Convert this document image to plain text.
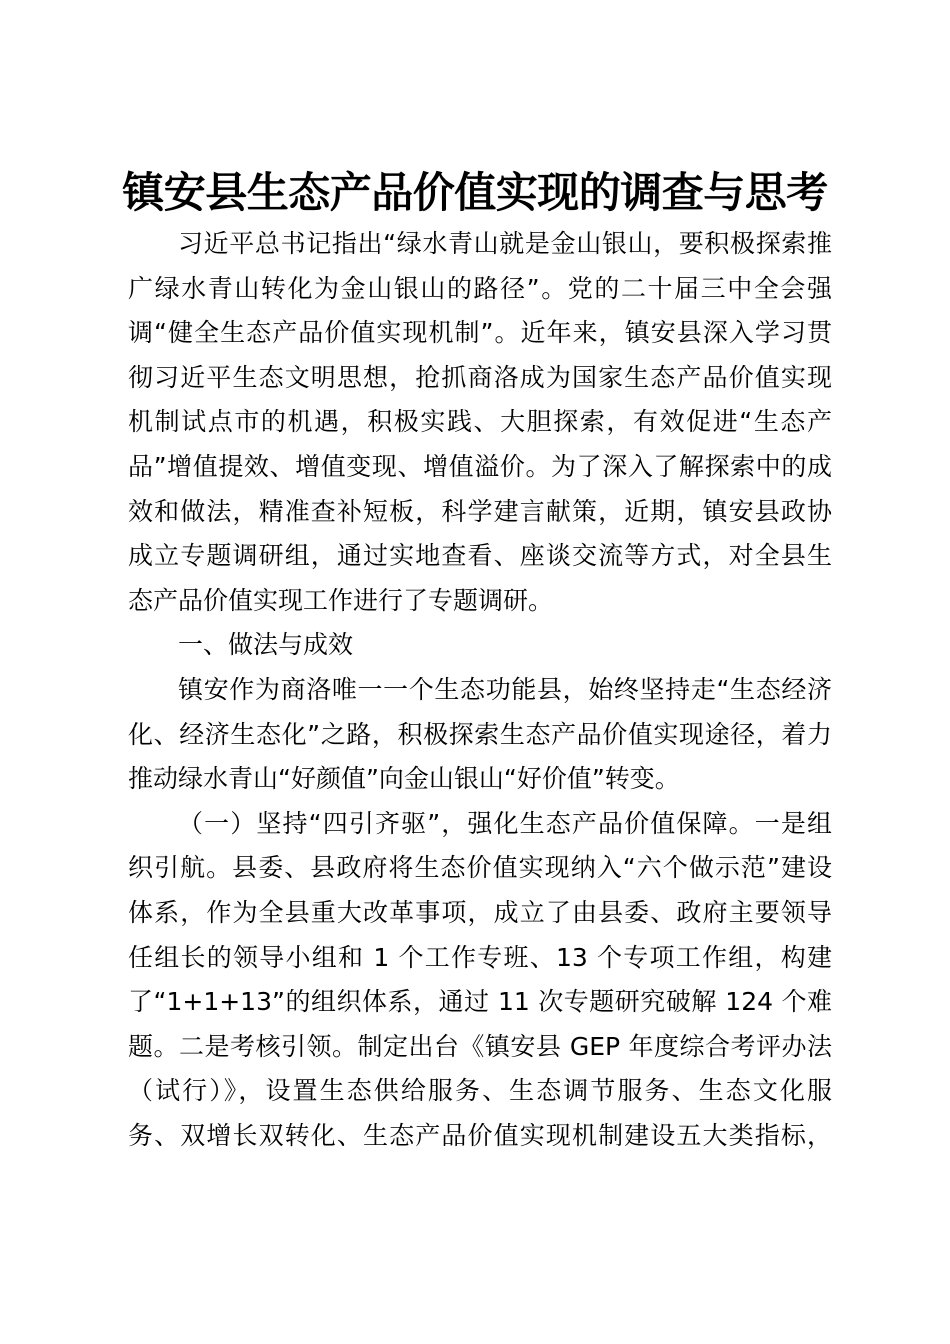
镇安县生态产品价值实现的调查与思考
习近平总书记指出“绿水青山就是金山银山，要积极探索推
广绿水青山转化为金山银山的路径”。党的二十届三中全会强
调“健全生态产品价值实现机制”。近年来，镇安县深入学习贯
彻习近平生态文明思想，抢抓商洛成为国家生态产品价值实现
机制试点市的机遇，积极实践、大胆探索，有效促进“生态产
品”增值提效、增值变现、增值溢价。为了深入了解探索中的成
效和做法，精准查补短板，科学建言献策，近期，镇安县政协
成立专题调研组，通过实地查看、座谈交流等方式，对全县生
态产品价值实现工作进行了专题调研。
一、做法与成效
镇安作为商洛唯一一个生态功能县，始终坚持走“生态经济
化、经济生态化”之路，积极探索生态产品价值实现途径，着力
推动绿水青山“好颜值”向金山银山“好价值”转变。
（一）坚持“四引齐驱”，强化生态产品价值保障。一是组
织引航。县委、县政府将生态价值实现纳入“六个做示范”建设
体系，作为全县重大改革事项，成立了由县委、政府主要领导
任组长的领导小组和 1 个工作专班、13 个专项工作组，构建
了“1+1+13”的组织体系，通过 11 次专题研究破解 124 个难
题。二是考核引领。制定出台《镇安县 GEP 年度综合考评办法
（试行）》，设置生态供给服务、生态调节服务、生态文化服
务、双增长双转化、生态产品价值实现机制建设五大类指标，
